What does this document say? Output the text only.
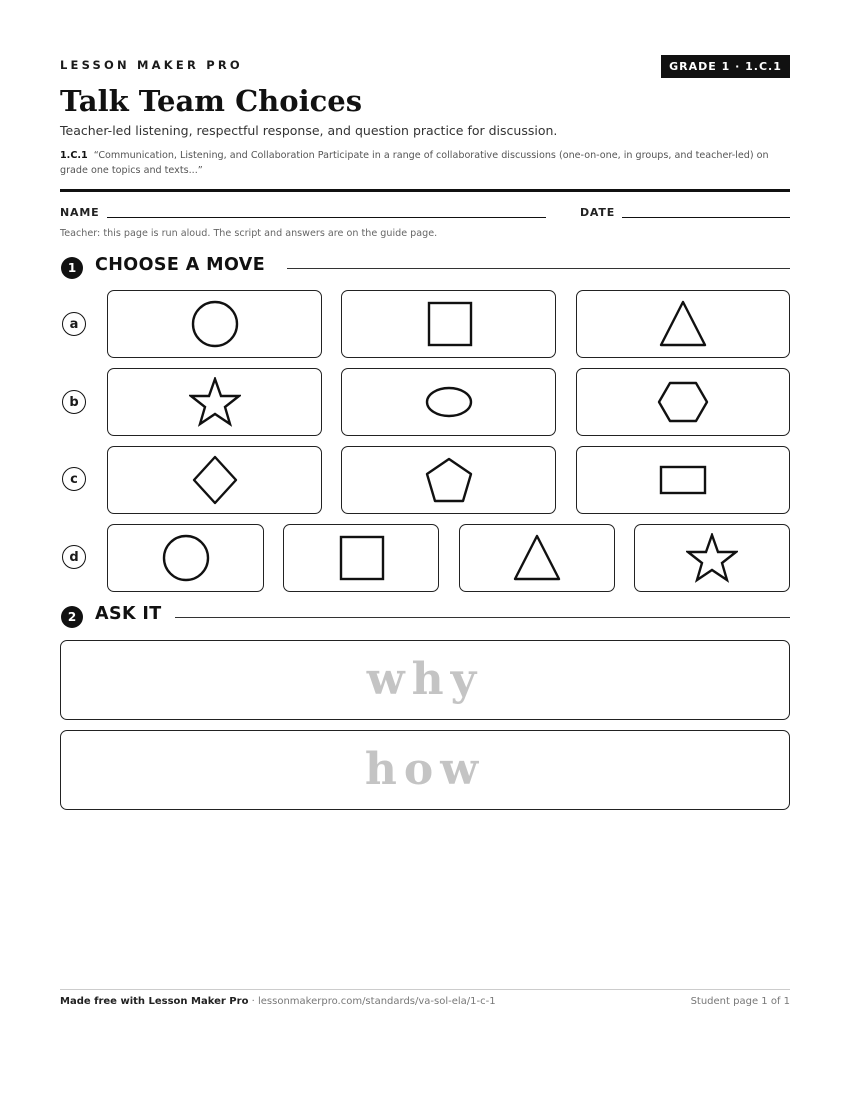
LESSON MAKER PRO	GRADE 1 · 1.C.1
Talk Team Choices
Teacher-led listening, respectful response, and question practice for discussion.
1.C.1 “Communication, Listening, and Collaboration Participate in a range of collaborative discussions (one-on-one, in groups, and teacher-led) on grade one topics and texts...”
NAME	DATE
Teacher: this page is run aloud. The script and answers are on the guide page.
1	CHOOSE A MOVE
a
b
c
d
2	ASK IT
why
how
Made free with Lesson Maker Pro · lessonmakerpro.com/standards/va-sol-ela/1-c-1	Student page 1 of 1
